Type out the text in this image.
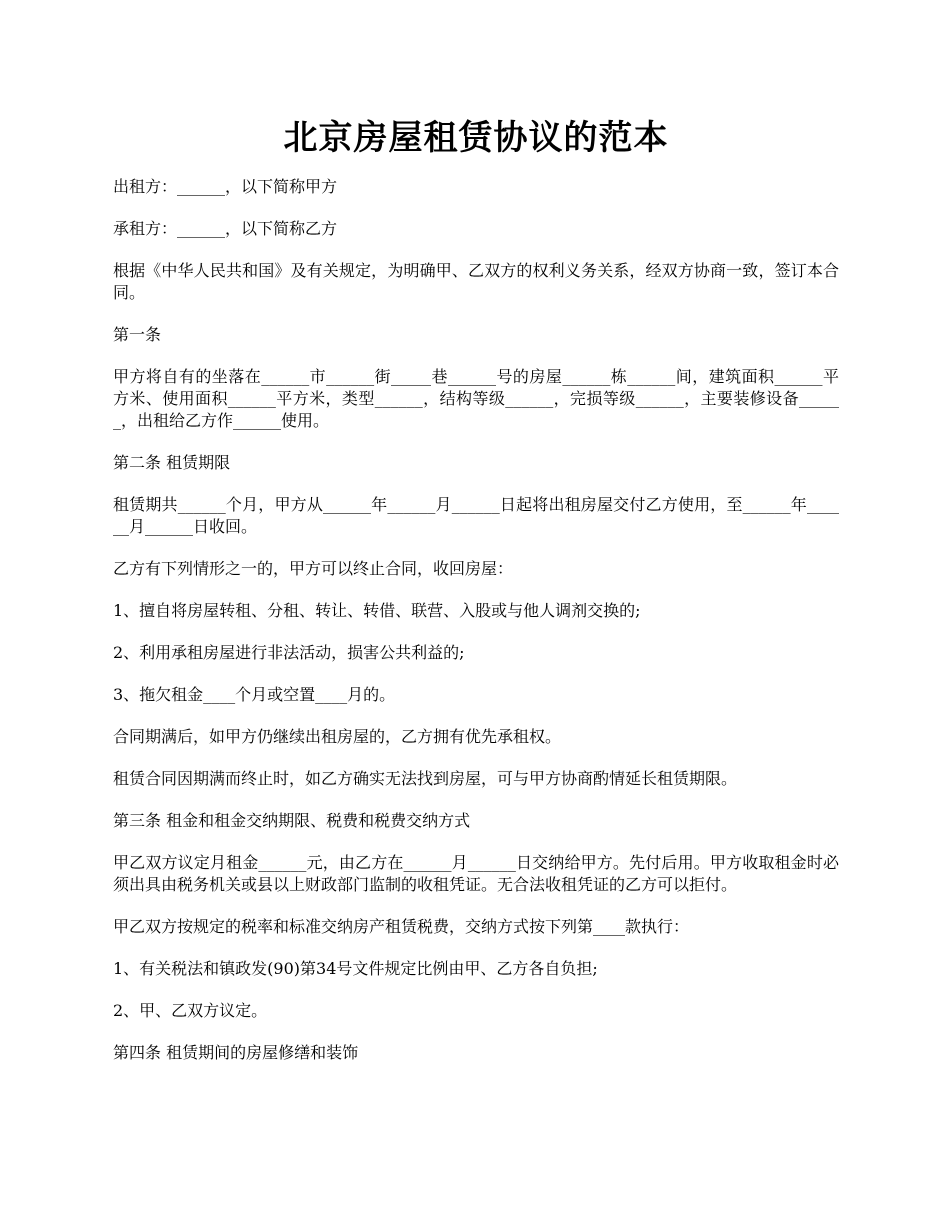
北京房屋租赁协议的范本

出租方：______，以下简称甲方

承租方：______，以下简称乙方

根据《中华人民共和国》及有关规定，为明确甲、乙双方的权利义务关系，经双方协商一致，签订本合同。

第一条

甲方将自有的坐落在______市______街_____巷______号的房屋______栋______间，建筑面积______平方米、使用面积______平方米，类型______，结构等级______，完损等级______，主要装修设备______，出租给乙方作______使用。

第二条 租赁期限

租赁期共______个月，甲方从______年______月______日起将出租房屋交付乙方使用，至______年______月______日收回。

乙方有下列情形之一的，甲方可以终止合同，收回房屋：

1、擅自将房屋转租、分租、转让、转借、联营、入股或与他人调剂交换的;

2、利用承租房屋进行非法活动，损害公共利益的;

3、拖欠租金____个月或空置____月的。

合同期满后，如甲方仍继续出租房屋的，乙方拥有优先承租权。

租赁合同因期满而终止时，如乙方确实无法找到房屋，可与甲方协商酌情延长租赁期限。

第三条 租金和租金交纳期限、税费和税费交纳方式

甲乙双方议定月租金______元，由乙方在______月______日交纳给甲方。先付后用。甲方收取租金时必须出具由税务机关或县以上财政部门监制的收租凭证。无合法收租凭证的乙方可以拒付。

甲乙双方按规定的税率和标准交纳房产租赁税费，交纳方式按下列第____款执行：

1、有关税法和镇政发(90)第34号文件规定比例由甲、乙方各自负担;

2、甲、乙双方议定。

第四条 租赁期间的房屋修缮和装饰
